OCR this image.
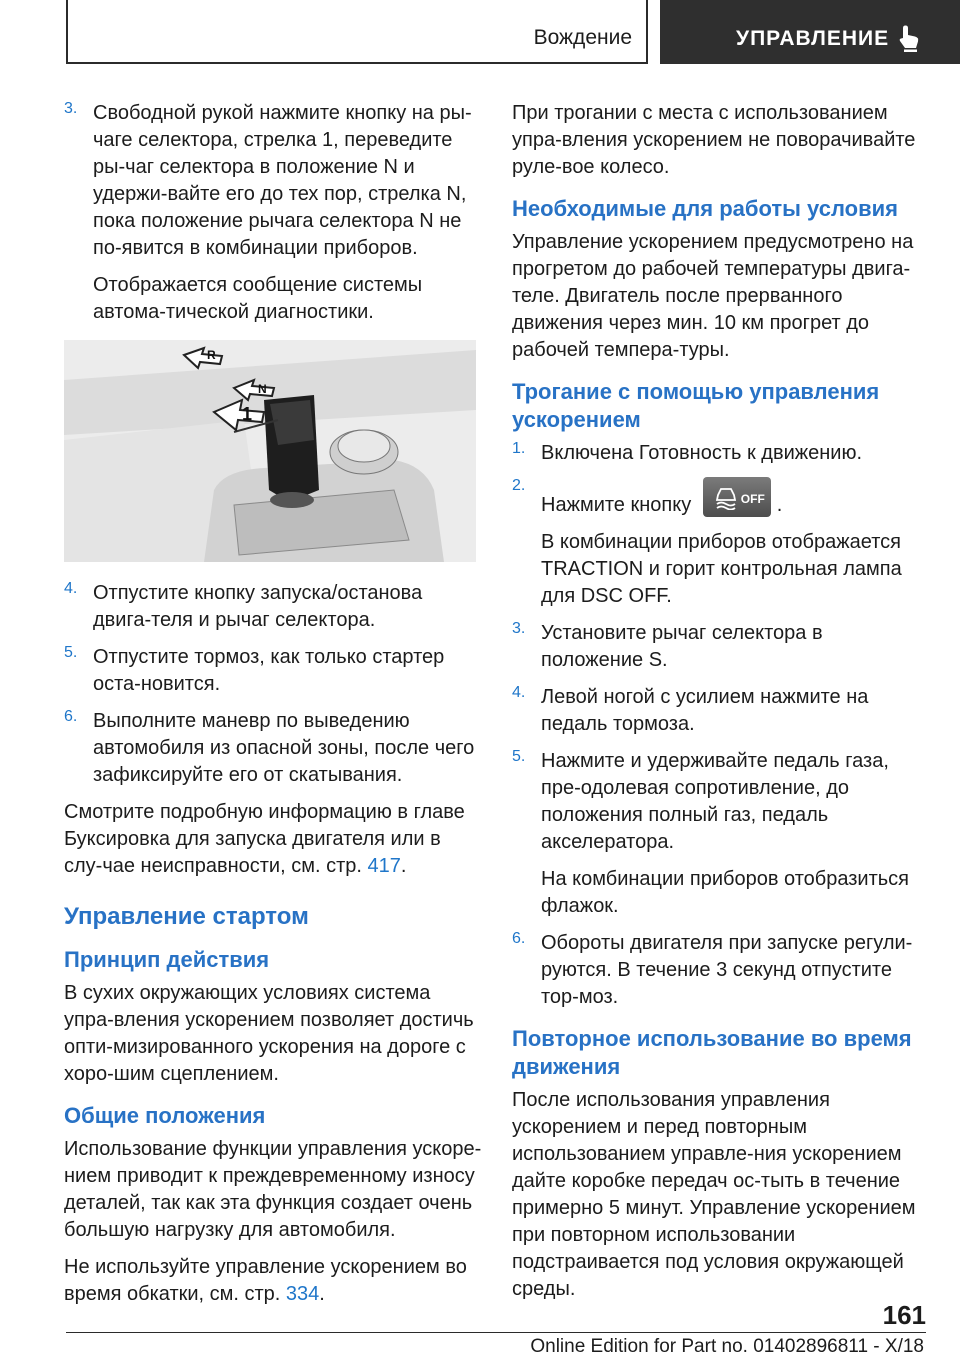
Вождение	УПРАВЛЕНИЕ
3. Свободной рукой нажмите кнопку на ры-чаге селектора, стрелка 1, переведите ры-чаг селектора в положение N и удержи-вайте его до тех пор, стрелка N, пока положение рычага селектора N не по-явится в комбинации приборов.

Отображается сообщение системы автома-тической диагностики.

R
N
1
4. Отпустите кнопку запуска/останова двига-теля и рычаг селектора.

5. Отпустите тормоз, как только стартер оста-новится.

6. Выполните маневр по выведению автомобиля из опасной зоны, после чего зафиксируйте его от скатывания.

Смотрите подробную информацию в главе Буксировка для запуска двигателя или в слу-чае неисправности, см. стр. 417.

Управление стартом
Принцип действия

В сухих окружающих условиях система упра-вления ускорением позволяет достичь опти-мизированного ускорения на дороге с хоро-шим сцеплением.

Общие положения

Использование функции управления ускоре-нием приводит к преждевременному износу деталей, так как эта функция создает очень большую нагрузку для автомобиля.

Не используйте управление ускорением во время обкатки, см. стр. 334.

При трогании с места с использованием упра-вления ускорением не поворачивайте руле-вое колесо.

Необходимые для работы условия

Управление ускорением предусмотрено на прогретом до рабочей температуры двига-теле. Двигатель после прерванного движения через мин. 10 км прогрет до рабочей темпера-туры.

Трогание с помощью управления ускорением
1. Включена Готовность к движению.

2.

Нажмите кнопку	OFF .

В комбинации приборов отображается TRACTION и горит контрольная лампа для DSC OFF.

3. Установите рычаг селектора в положение S.

4. Левой ногой с усилием нажмите на педаль тормоза.

5. Нажмите и удерживайте педаль газа, пре-одолевая сопротивление, до положения полный газ, педаль акселератора.

На комбинации приборов отобразиться флажок.

6. Обороты двигателя при запуске регули-руются. В течение 3 секунд отпустите тор-моз.

Повторное использование во время движения

После использования управления ускорением и перед повторным использованием управле-ния ускорением дайте коробке передач ос-тыть в течение примерно 5 минут. Управление ускорением при повторном использовании подстраивается под условия окружающей среды.

161
Online Edition for Part no. 01402896811 - X/18
